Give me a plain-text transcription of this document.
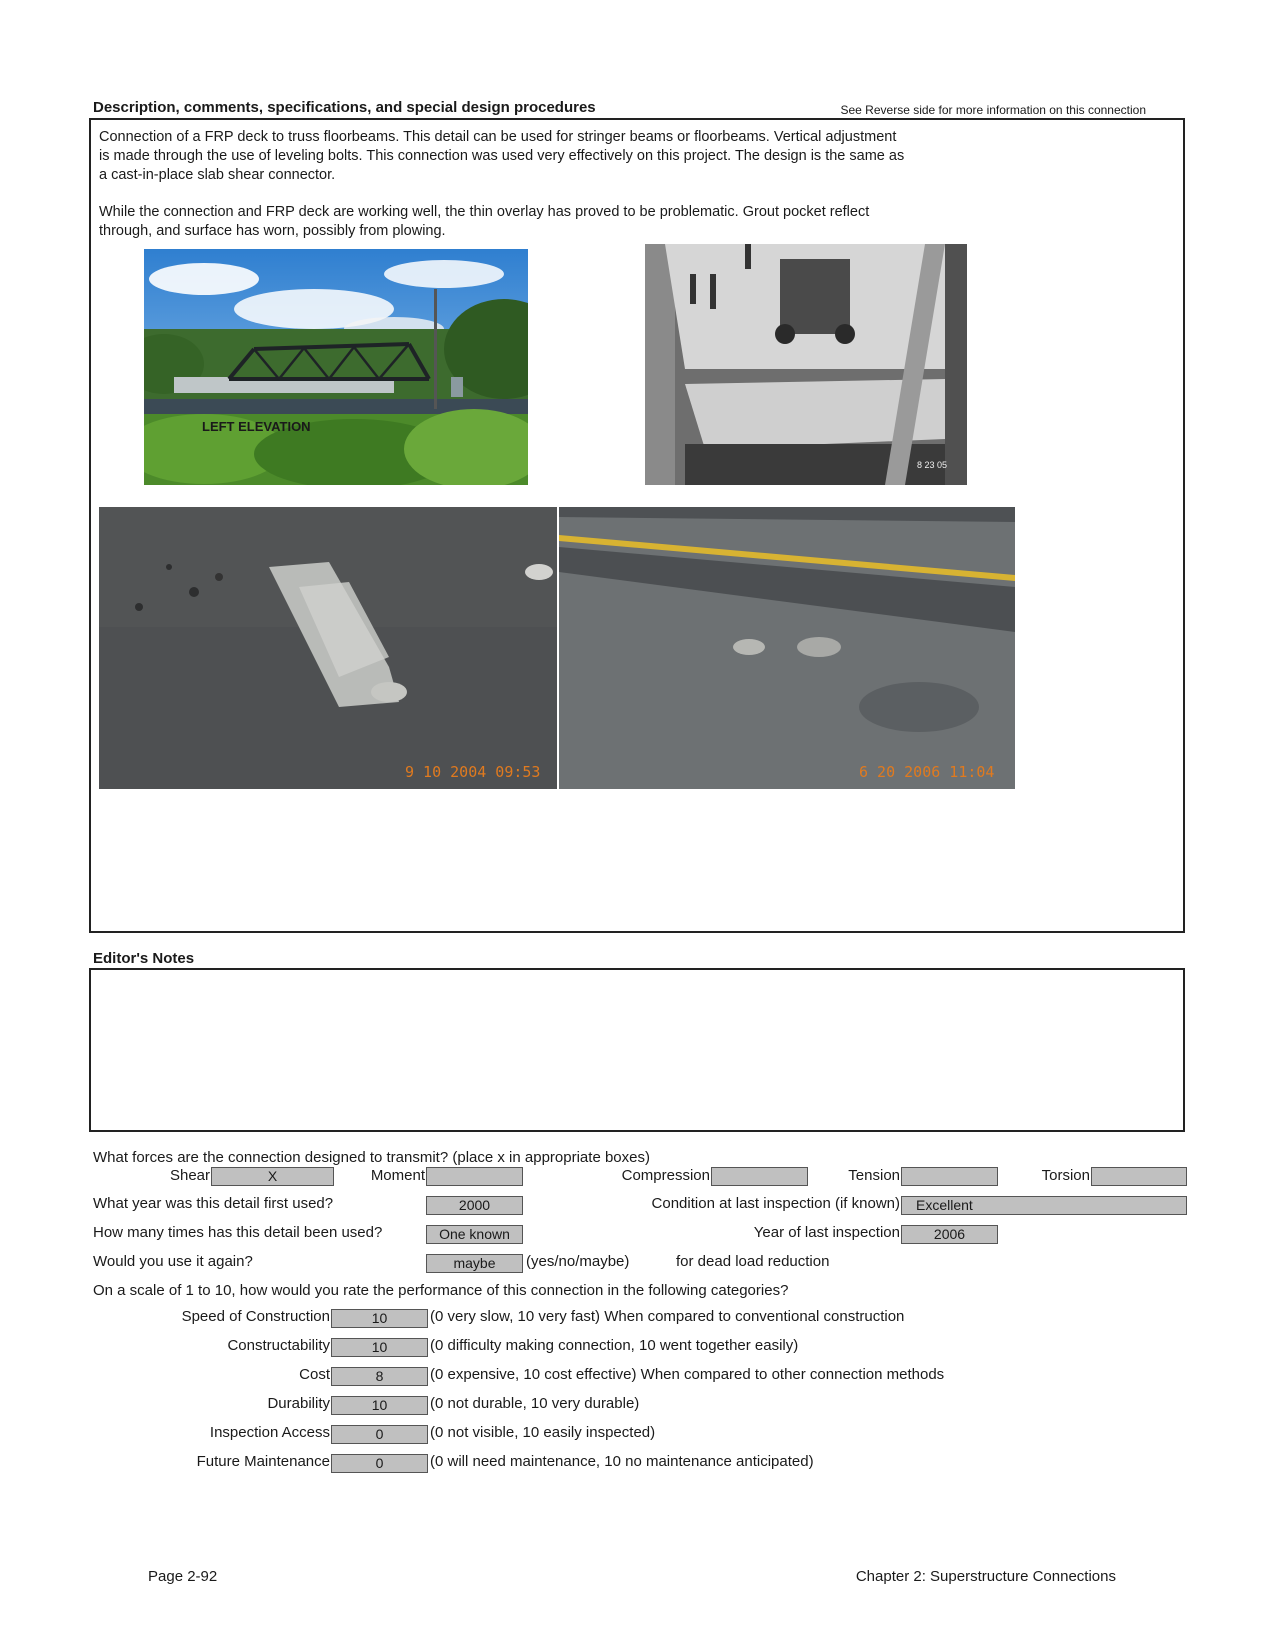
Description, comments, specifications, and special design procedures	See Reverse side for more information on this connection

Connection of a FRP deck to truss floorbeams. This detail can be used for stringer beams or floorbeams. Vertical adjustment

is made through the use of leveling bolts. This connection was used very effectively on this project. The design is the same as

a cast-in-place slab shear connector.

While the connection and FRP deck are working well, the thin overlay has proved to be problematic. Grout pocket reflect

through, and surface has worn, possibly from plowing.

LEFT ELEVATION
8 23 05
9 10 2004 09:53	6 20 2006 11:04
Editor's Notes
What forces are the connection designed to transmit? (place x in appropriate boxes)
Shear	X	Moment	Compression	Tension	Torsion
What year was this detail first used?	2000	Condition at last inspection (if known)	Excellent
How many times has this detail been used?	One known	Year of last inspection	2006
Would you use it again?	maybe	(yes/no/maybe)	for dead load reduction
On a scale of 1 to 10, how would you rate the performance of this connection in the following categories?
Speed of Construction	10	(0 very slow, 10 very fast) When compared to conventional construction
Constructability	10	(0 difficulty making connection, 10 went together easily)
Cost	8	(0 expensive, 10 cost effective) When compared to other connection methods
Durability	10	(0 not durable, 10 very durable)
Inspection Access	0	(0 not visible, 10 easily inspected)
Future Maintenance	0	(0 will need maintenance, 10 no maintenance anticipated)
Page 2-92	Chapter 2: Superstructure Connections
